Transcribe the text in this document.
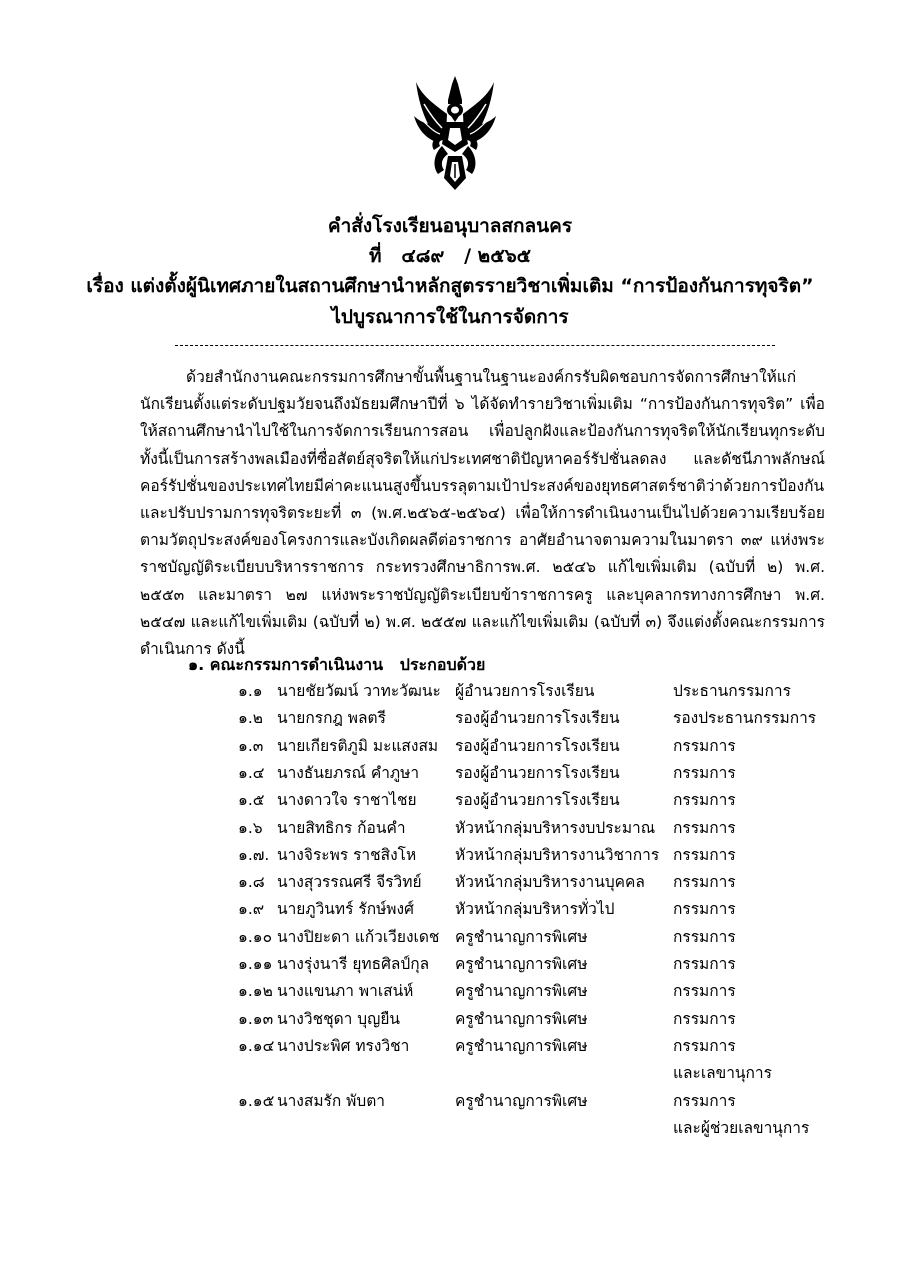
คำสั่งโรงเรียนอนุบาลสกลนคร
ที่   ๔๘๙   / ๒๕๖๕
เรื่อง แต่งตั้งผู้นิเทศภายในสถานศึกษานำหลักสูตรรายวิชาเพิ่มเติม “การป้องกันการทุจริต”
ไปบูรณาการใช้ในการจัดการ

ด้วยสำนักงานคณะกรรมการศึกษาขั้นพื้นฐานในฐานะองค์กรรับผิดชอบการจัดการศึกษาให้แก่นักเรียนตั้งแต่ระดับปฐมวัยจนถึงมัธยมศึกษาปีที่ ๖ ได้จัดทำรายวิชาเพิ่มเติม “การป้องกันการทุจริต” เพื่อให้สถานศึกษานำไปใช้ในการจัดการเรียนการสอน เพื่อปลูกฝังและป้องกันการทุจริตให้นักเรียนทุกระดับ ทั้งนี้เป็นการสร้างพลเมืองที่ซื่อสัตย์สุจริตให้แก่ประเทศชาติปัญหาคอร์รัปชั่นลดลง และดัชนีภาพลักษณ์คอร์รัปชั่นของประเทศไทยมีค่าคะแนนสูงขึ้นบรรลุตามเป้าประสงค์ของยุทธศาสตร์ชาติว่าด้วยการป้องกันและปรับปรามการทุจริตระยะที่ ๓ (พ.ศ.๒๕๖๕-๒๕๖๔) เพื่อให้การดำเนินงานเป็นไปด้วยความเรียบร้อยตามวัตถุประสงค์ของโครงการและบังเกิดผลดีต่อราชการ อาศัยอำนาจตามความในมาตรา ๓๙ แห่งพระราชบัญญัติระเบียบบริหารราชการ กระทรวงศึกษาธิการพ.ศ. ๒๕๔๖ แก้ไขเพิ่มเติม (ฉบับที่ ๒) พ.ศ. ๒๕๕๓ และมาตรา ๒๗ แห่งพระราชบัญญัติระเบียบข้าราชการครู และบุคลากรทางการศึกษา พ.ศ. ๒๕๔๗ และแก้ไขเพิ่มเติม (ฉบับที่ ๒) พ.ศ. ๒๕๕๗ และแก้ไขเพิ่มเติม (ฉบับที่ ๓) จึงแต่งตั้งคณะกรรมการดำเนินการ ดังนี้

๑. คณะกรรมการดำเนินงาน   ประกอบด้วย
๑.๑ นายชัยวัฒน์ วาทะวัฒนะ ผู้อำนวยการโรงเรียน	ประธานกรรมการ
๑.๒ นายกรกฎ พลตรี	รองผู้อำนวยการโรงเรียน	รองประธานกรรมการ
๑.๓ นายเกียรติภูมิ มะแสงสม รองผู้อำนวยการโรงเรียน	กรรมการ
๑.๔ นางธันยภรณ์ คำภูษา รองผู้อำนวยการโรงเรียน	กรรมการ
๑.๕ นางดาวใจ ราชาไชย รองผู้อำนวยการโรงเรียน	กรรมการ
๑.๖ นายสิทธิกร ก้อนคำ	หัวหน้ากลุ่มบริหารงบประมาณ กรรมการ
๑.๗. นางจิระพร ราชสิงโห	หัวหน้ากลุ่มบริหารงานวิชาการ กรรมการ
๑.๘ นางสุวรรณศรี จีรวิทย์ หัวหน้ากลุ่มบริหารงานบุคคล กรรมการ
๑.๙ นายภูวินทร์ รักษ์พงศ์	หัวหน้ากลุ่มบริหารทั่วไป	กรรมการ
๑.๑๐ นางปิยะดา แก้วเวียงเดช ครูชำนาญการพิเศษ	กรรมการ
๑.๑๑ นางรุ่งนารี ยุทธศิลป์กุล ครูชำนาญการพิเศษ	กรรมการ
๑.๑๒ นางแขนภา พาเสน่ห์	ครูชำนาญการพิเศษ	กรรมการ
๑.๑๓ นางวิชชุดา บุญยืน	ครูชำนาญการพิเศษ	กรรมการ
๑.๑๔ นางประพิศ ทรงวิชา	ครูชำนาญการพิเศษ	กรรมการ
และเลขานุการ
๑.๑๕ นางสมรัก พับตา	ครูชำนาญการพิเศษ	กรรมการ
และผู้ช่วยเลขานุการ
